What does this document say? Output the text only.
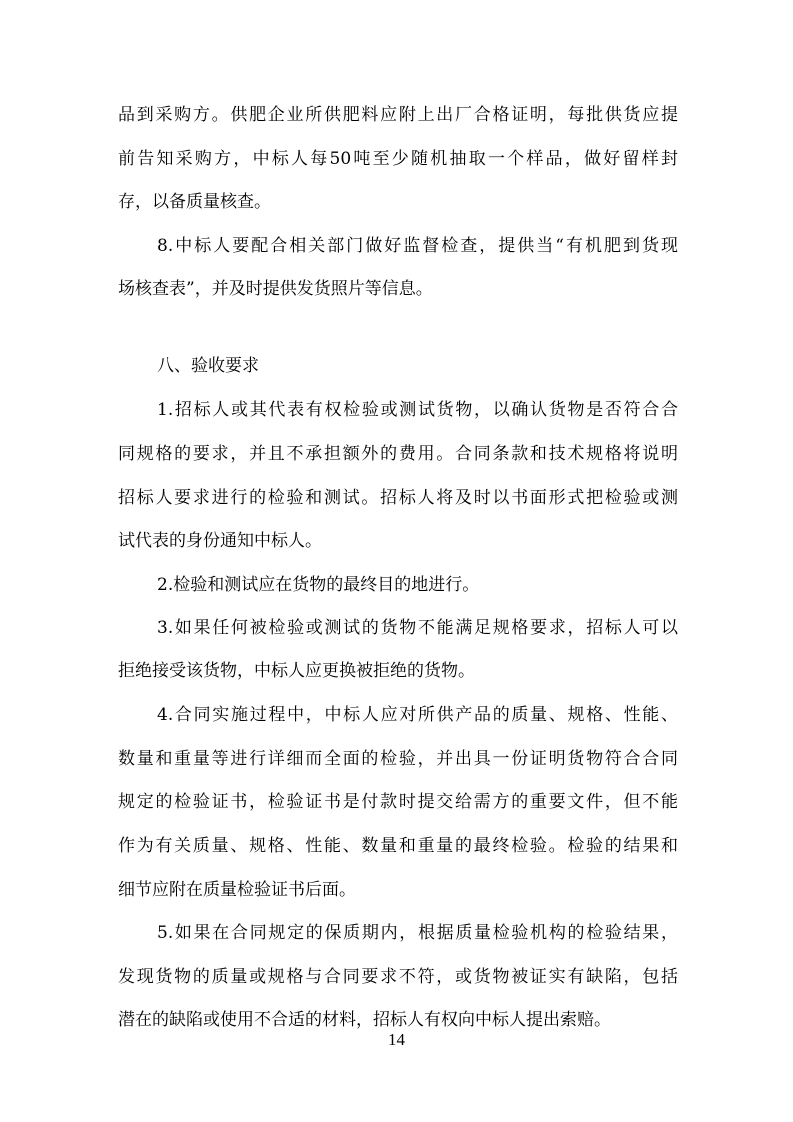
品到采购方。供肥企业所供肥料应附上出厂合格证明，每批供货应提
前告知采购方，中标人每50吨至少随机抽取一个样品，做好留样封
存，以备质量核查。
8.中标人要配合相关部门做好监督检查，提供当“有机肥到货现
场核查表”，并及时提供发货照片等信息。
八、验收要求
1.招标人或其代表有权检验或测试货物，以确认货物是否符合合
同规格的要求，并且不承担额外的费用。合同条款和技术规格将说明
招标人要求进行的检验和测试。招标人将及时以书面形式把检验或测
试代表的身份通知中标人。
2.检验和测试应在货物的最终目的地进行。
3.如果任何被检验或测试的货物不能满足规格要求，招标人可以
拒绝接受该货物，中标人应更换被拒绝的货物。
4.合同实施过程中，中标人应对所供产品的质量、规格、性能、
数量和重量等进行详细而全面的检验，并出具一份证明货物符合合同
规定的检验证书，检验证书是付款时提交给需方的重要文件，但不能
作为有关质量、规格、性能、数量和重量的最终检验。检验的结果和
细节应附在质量检验证书后面。
5.如果在合同规定的保质期内，根据质量检验机构的检验结果，
发现货物的质量或规格与合同要求不符，或货物被证实有缺陷，包括
潜在的缺陷或使用不合适的材料，招标人有权向中标人提出索赔。
14
